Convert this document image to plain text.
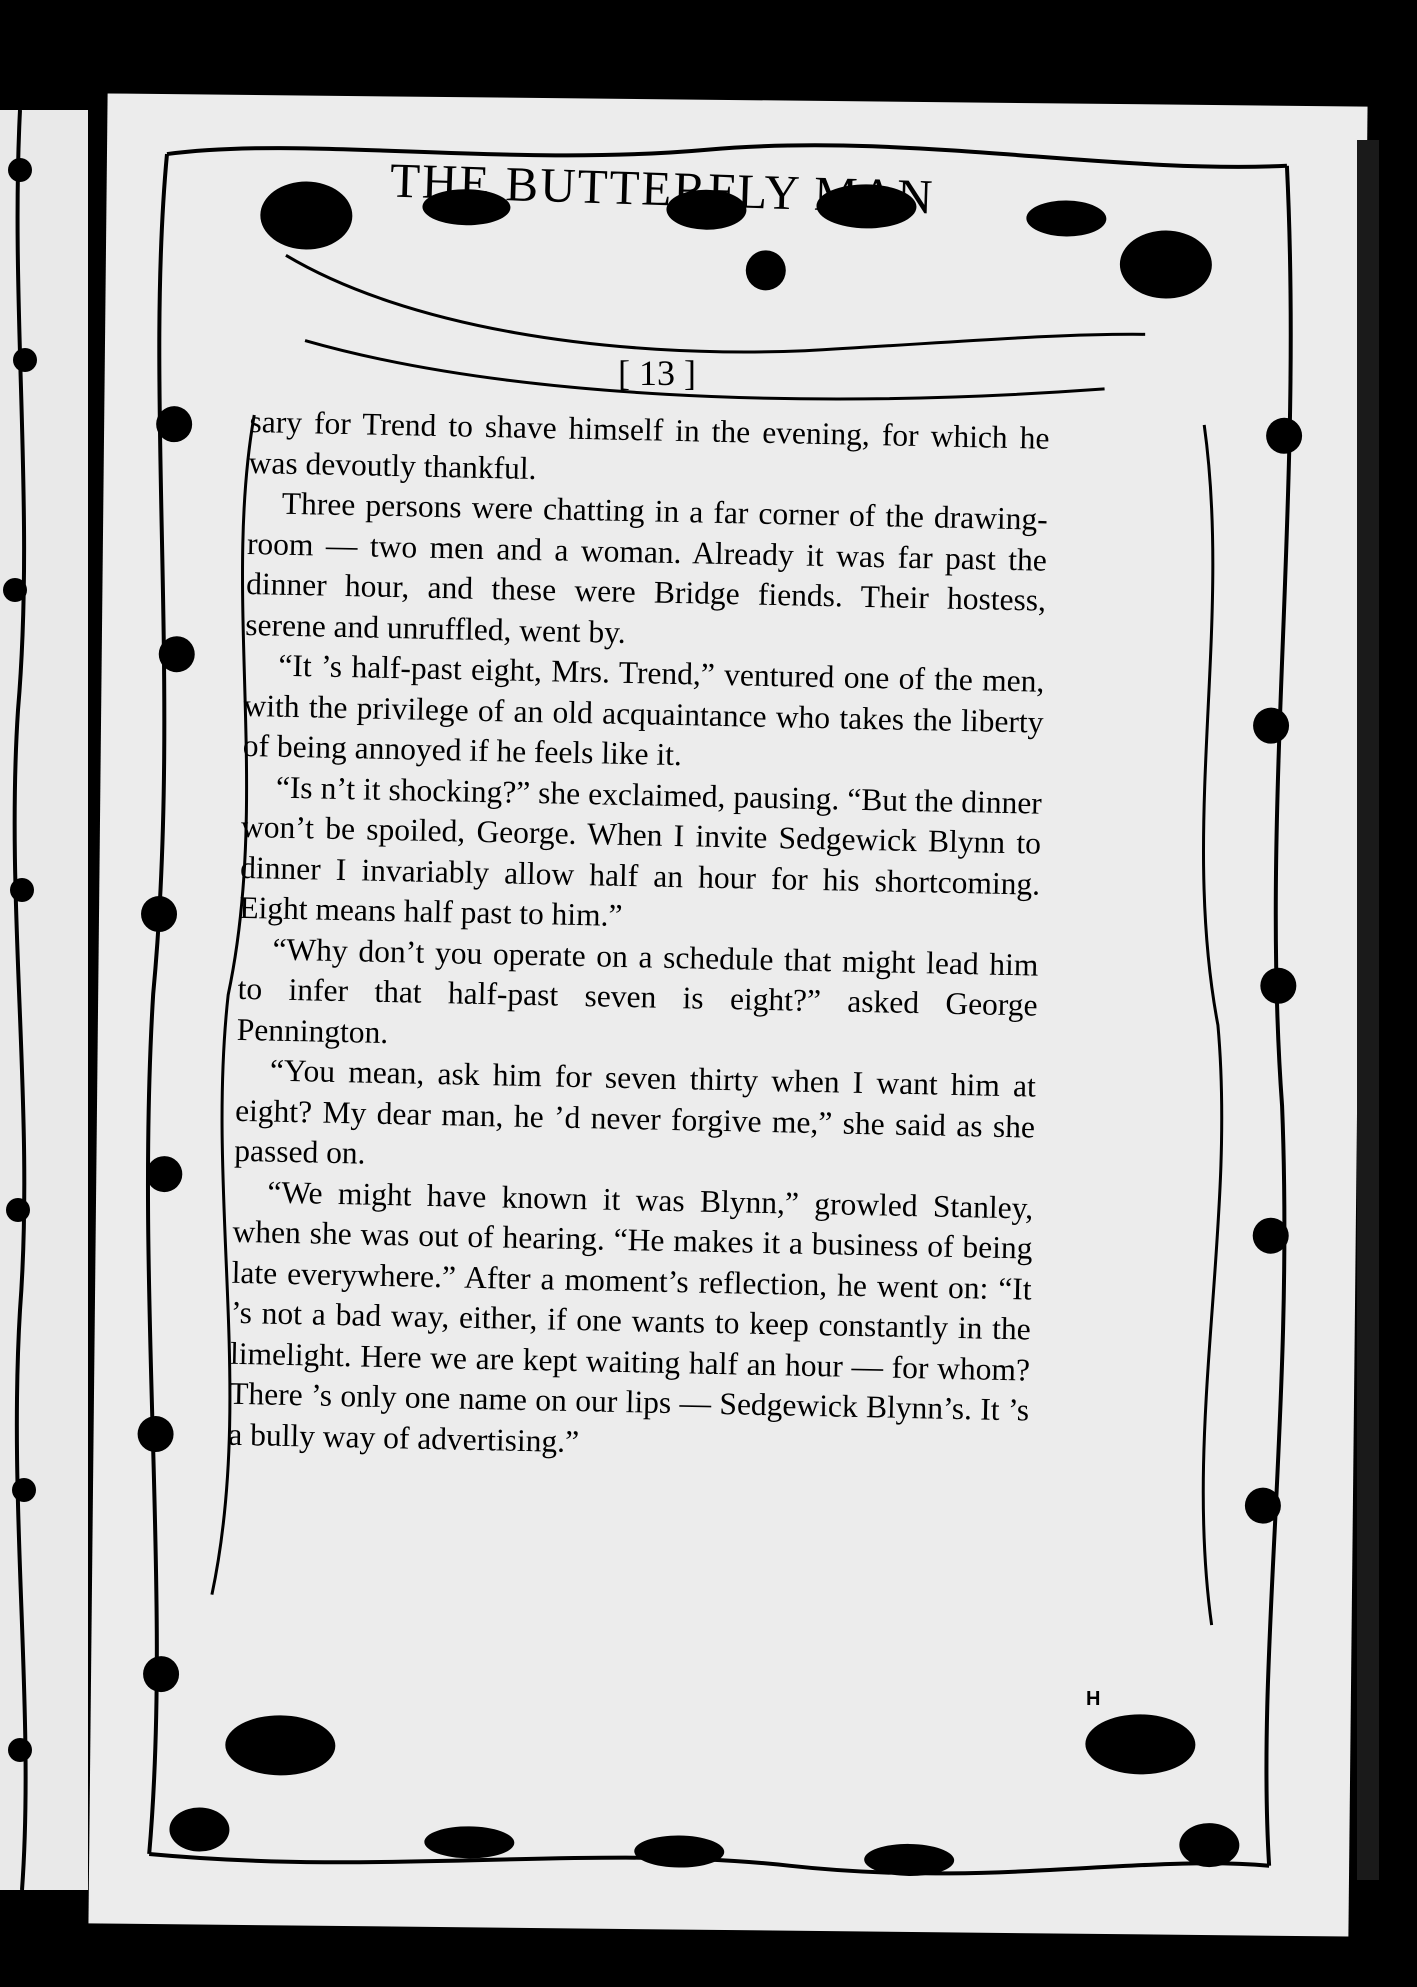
THE BUTTERFLY MAN
[ 13 ]

sary for Trend to shave himself in the evening, for which he was devoutly thankful.

Three persons were chatting in a far corner of the drawing-room — two men and a woman. Already it was far past the dinner hour, and these were Bridge fiends. Their hostess, serene and unruffled, went by.

“It ’s half-past eight, Mrs. Trend,” ventured one of the men, with the privilege of an old acquaintance who takes the liberty of being annoyed if he feels like it.

“Is n’t it shocking?” she exclaimed, pausing. “But the dinner won’t be spoiled, George. When I invite Sedgewick Blynn to dinner I invariably allow half an hour for his shortcoming. Eight means half past to him.”

“Why don’t you operate on a schedule that might lead him to infer that half-past seven is eight?” asked George Pennington.

“You mean, ask him for seven thirty when I want him at eight? My dear man, he ’d never forgive me,” she said as she passed on.

“We might have known it was Blynn,” growled Stanley, when she was out of hearing. “He makes it a business of being late everywhere.” After a moment’s reflection, he went on: “It ’s not a bad way, either, if one wants to keep constantly in the limelight. Here we are kept waiting half an hour — for whom? There ’s only one name on our lips — Sedgewick Blynn’s. It ’s a bully way of advertising.”

H
